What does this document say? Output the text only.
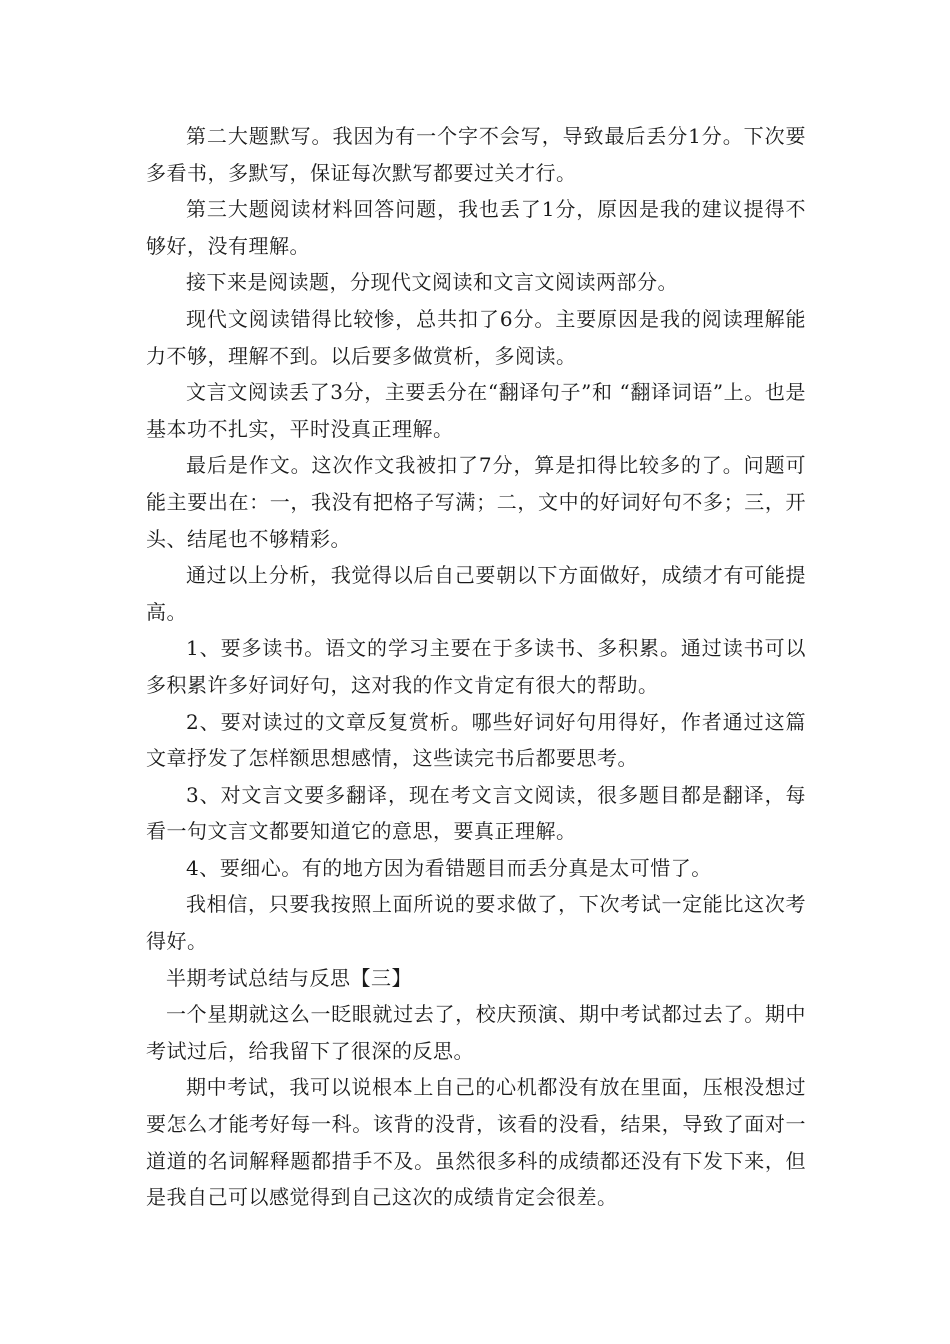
第二大题默写。我因为有一个字不会写，导致最后丢分1分。下次要多看书，多默写，保证每次默写都要过关才行。

第三大题阅读材料回答问题，我也丢了1分，原因是我的建议提得不够好，没有理解。

接下来是阅读题，分现代文阅读和文言文阅读两部分。

现代文阅读错得比较惨，总共扣了6分。主要原因是我的阅读理解能力不够，理解不到。以后要多做赏析，多阅读。

文言文阅读丢了3分，主要丢分在“翻译句子”和 “翻译词语”上。也是基本功不扎实，平时没真正理解。

最后是作文。这次作文我被扣了7分，算是扣得比较多的了。问题可能主要出在：一，我没有把格子写满；二，文中的好词好句不多；三，开头、结尾也不够精彩。

通过以上分析，我觉得以后自己要朝以下方面做好，成绩才有可能提高。

1、要多读书。语文的学习主要在于多读书、多积累。通过读书可以多积累许多好词好句，这对我的作文肯定有很大的帮助。

2、要对读过的文章反复赏析。哪些好词好句用得好，作者通过这篇文章抒发了怎样额思想感情，这些读完书后都要思考。

3、对文言文要多翻译，现在考文言文阅读，很多题目都是翻译，每看一句文言文都要知道它的意思，要真正理解。

4、要细心。有的地方因为看错题目而丢分真是太可惜了。

我相信，只要我按照上面所说的要求做了，下次考试一定能比这次考得好。

半期考试总结与反思【三】

一个星期就这么一眨眼就过去了，校庆预演、期中考试都过去了。期中考试过后，给我留下了很深的反思。

期中考试，我可以说根本上自己的心机都没有放在里面，压根没想过要怎么才能考好每一科。该背的没背，该看的没看，结果，导致了面对一道道的名词解释题都措手不及。虽然很多科的成绩都还没有下发下来，但是我自己可以感觉得到自己这次的成绩肯定会很差。
